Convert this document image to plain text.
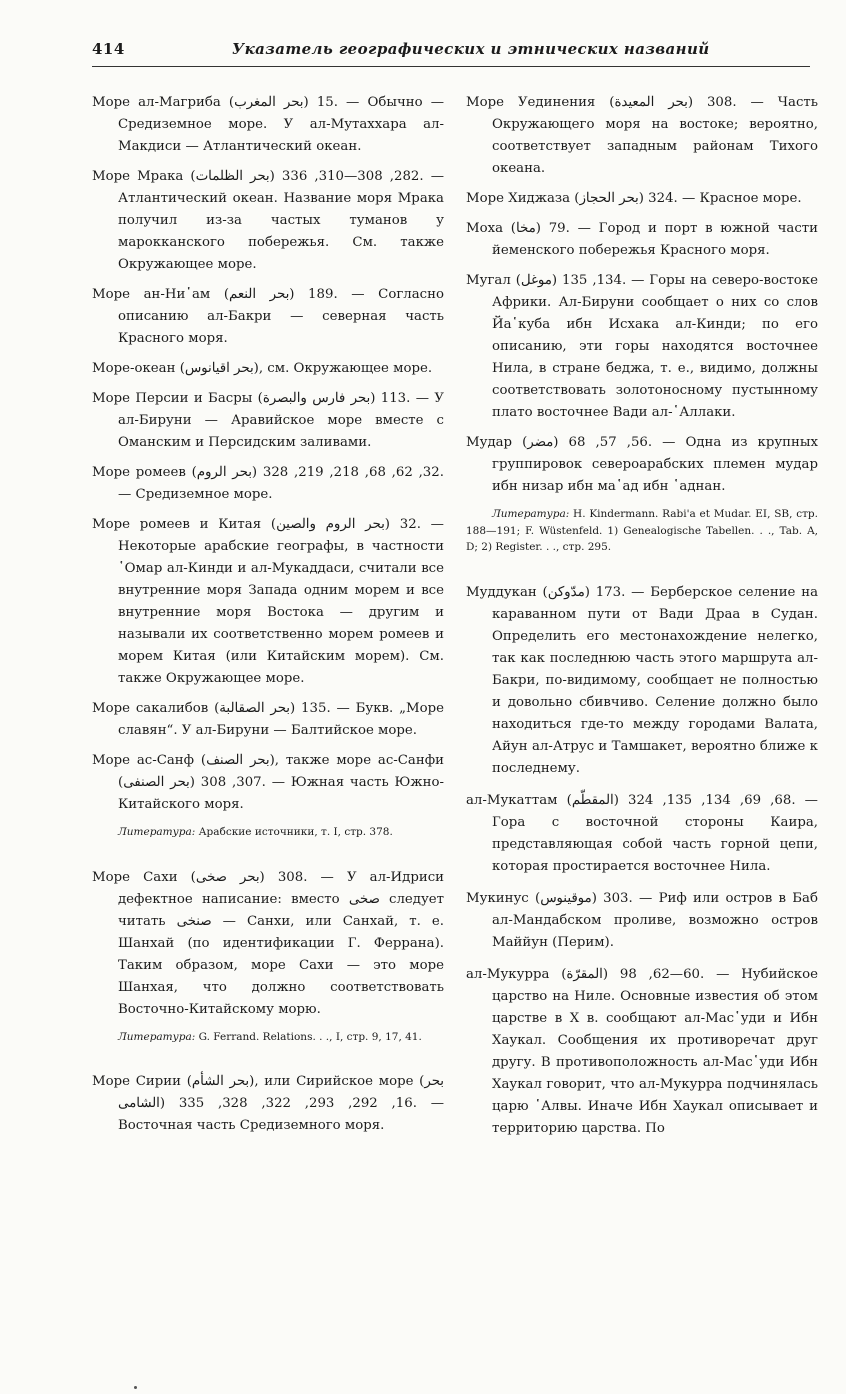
414	Указатель географических и этнических названий

Море ал-Магриба (بحر المغرب) 15. — Обычно — Средиземное море. У ал-Мутаххара ал-Макдиси — Атлантический океан.

Море Мрака (بحر الظلمات) 282, 308—310, 336. — Атлантический океан. Название моря Мрака получил из-за частых туманов у марокканского побережья. См. также Окружающее море.

Море ан-Ни῾ам (بحر النعم) 189. — Согласно описанию ал-Бакри — северная часть Красного моря.

Море-океан (بحر اقيانوس), см. Окружающее море.

Море Персии и Басры (بحر فارس والبصرة) 113. — У ал-Бируни — Аравийское море вместе с Оманским и Персидским заливами.

Море ромеев (بحر الروم) 32, 62, 68, 218, 219, 328. — Средиземное море.

Море ромеев и Китая (بحر الروم والصين) 32. — Некоторые арабские географы, в частности ῾Омар ал-Кинди и ал-Мукаддаси, считали все внутренние моря Запада одним морем и все внутренние моря Востока — другим и называли их соответственно морем ромеев и морем Китая (или Китайским морем). См. также Окружающее море.

Море сакалибов (بحر الصقالبة) 135. — Букв. „Море славян“. У ал-Бируни — Балтийское море.

Море ас-Санф (بحر الصنف), также море ас-Санфи (بحر الصنفى) 307, 308. — Южная часть Южно-Китайского моря.

Литература: Арабские источники, т. I, стр. 378.

Море Сахи (بحر صخى) 308. — У ал-Идриси дефектное написание: вместо صخى следует читать صنخى — Санхи, или Санхай, т. е. Шанхай (по идентификации Г. Феррана). Таким образом, море Сахи — это море Шанхая, что должно соответствовать Восточно-Китайскому морю.

Литература: G. Ferrand. Relations. . ., I, стр. 9, 17, 41.

Море Сирии (بحر الشأم), или Сирийское море (بحر الشامى) 16, 292, 293, 322, 328, 335. — Восточная часть Средиземного моря.

Море Уединения (بحر المعيدة) 308. — Часть Окружающего моря на востоке; вероятно, соответствует западным районам Тихого океана.

Море Хиджаза (بحر الحجاز) 324. — Красное море.

Моха (مخا) 79. — Город и порт в южной части йеменского побережья Красного моря.

Мугал (موغل) 134, 135. — Горы на северо-востоке Африки. Ал-Бируни сообщает о них со слов Йа῾куба ибн Исхака ал-Кинди; по его описанию, эти горы находятся восточнее Нила, в стране беджа, т. е., видимо, должны соответствовать золотоносному пустынному плато восточнее Вади ал-῾Аллаки.

Мудар (مضر) 56, 57, 68. — Одна из крупных группировок североарабских племен мудар ибн низар ибн ма῾ад ибн ῾аднан.

Литература: H. Kindermann. Rabi'a et Mudar. EI, SB, стр. 188—191; F. Wüstenfeld. 1) Genealogische Tabellen. . ., Tab. A, D; 2) Register. . ., стр. 295.

Муддукан (مدّوكن) 173. — Берберское селение на караванном пути от Вади Драа в Судан. Определить его местонахождение нелегко, так как последнюю часть этого маршрута ал-Бакри, по-видимому, сообщает не полностью и довольно сбивчиво. Селение должно было находиться где-то между городами Валата, Айун ал-Атрус и Тамшакет, вероятно ближе к последнему.

ал-Мукаттам (المقطّم) 68, 69, 134, 135, 324. — Гора с восточной стороны Каира, представляющая собой часть горной цепи, которая простирается восточнее Нила.

Мукинус (موقينوس) 303. — Риф или остров в Баб ал-Мандабском проливе, возможно остров Маййун (Перим).

ал-Мукурра (المقرّة) 60—62, 98. — Нубийское царство на Ниле. Основные известия об этом царстве в X в. сообщают ал-Мас῾уди и Ибн Хаукал. Сообщения их противоречат друг другу. В противоположность ал-Мас῾уди Ибн Хаукал говорит, что ал-Мукурра подчинялась царю ῾Алвы. Иначе Ибн Хаукал описывает и территорию царства. По
